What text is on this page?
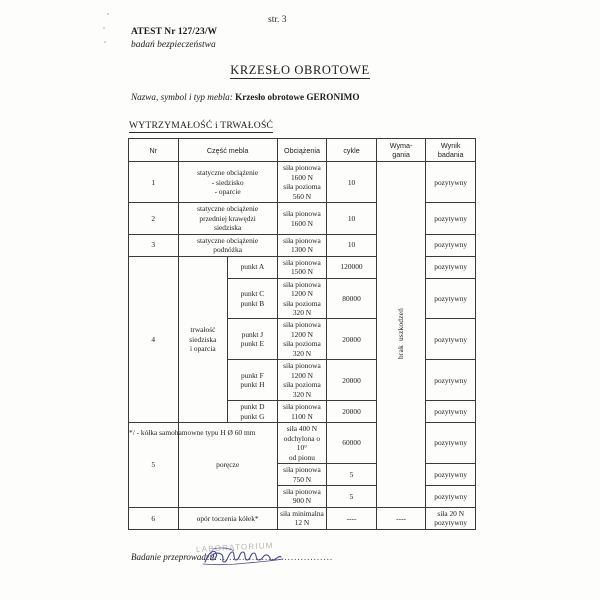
str. 3
ATEST Nr 127/23/W
badań bezpieczeństwa
KRZESŁO OBROTOWE
Nazwa, symbol i typ mebla: Krzesło obrotowe GERONIMO
WYTRZYMAŁOŚĆ i TRWAŁOŚĆ
Nr	Część mebla		Obciążenia	cykle	Wyma-
gania	Wynik
badania

1	statyczne obciążenie
- siedzisko
- oparcie		siła pionowa 1600 N
siła pozioma 560 N	10	brak  uszkodzeń	pozytywny
2	statyczne obciążenie
przedniej krawędzi
siedziska		siła pionowa 1600 N	10		pozytywny
3	statyczne obciążenie
podnóżka		siła pionowa 1300 N	10		pozytywny
4	trwałość
siedziska
i oparcia	punkt A	siła pionowa 1500 N	120000		pozytywny

		punkt C
punkt B	siła pionowa 1200 N
siła pozioma 320 N	80000		pozytywny

		punkt J
punkt E	siła pionowa 1200 N
siła pozioma 320 N	20000		pozytywny

		punkt F
punkt H	siła pionowa 1200 N
siła pozioma 320 N	20000		pozytywny

		punkt D
punkt G	siła pionowa 1100 N	20000		pozytywny
5	poręcze		siła 400 N odchylona o 10°
od pionu	60000		pozytywny
			siła pionowa 750 N	5		pozytywny
			siła pionowa 900 N	5		pozytywny
6	opór toczenia kółek*		siła minimalna 12 N	----	----	siła 20 N
pozytywny
*/ - kółka samohamowne typu H Ø 60 mm
LABORATORIUM
Badanie przeprowadził: ...................................
